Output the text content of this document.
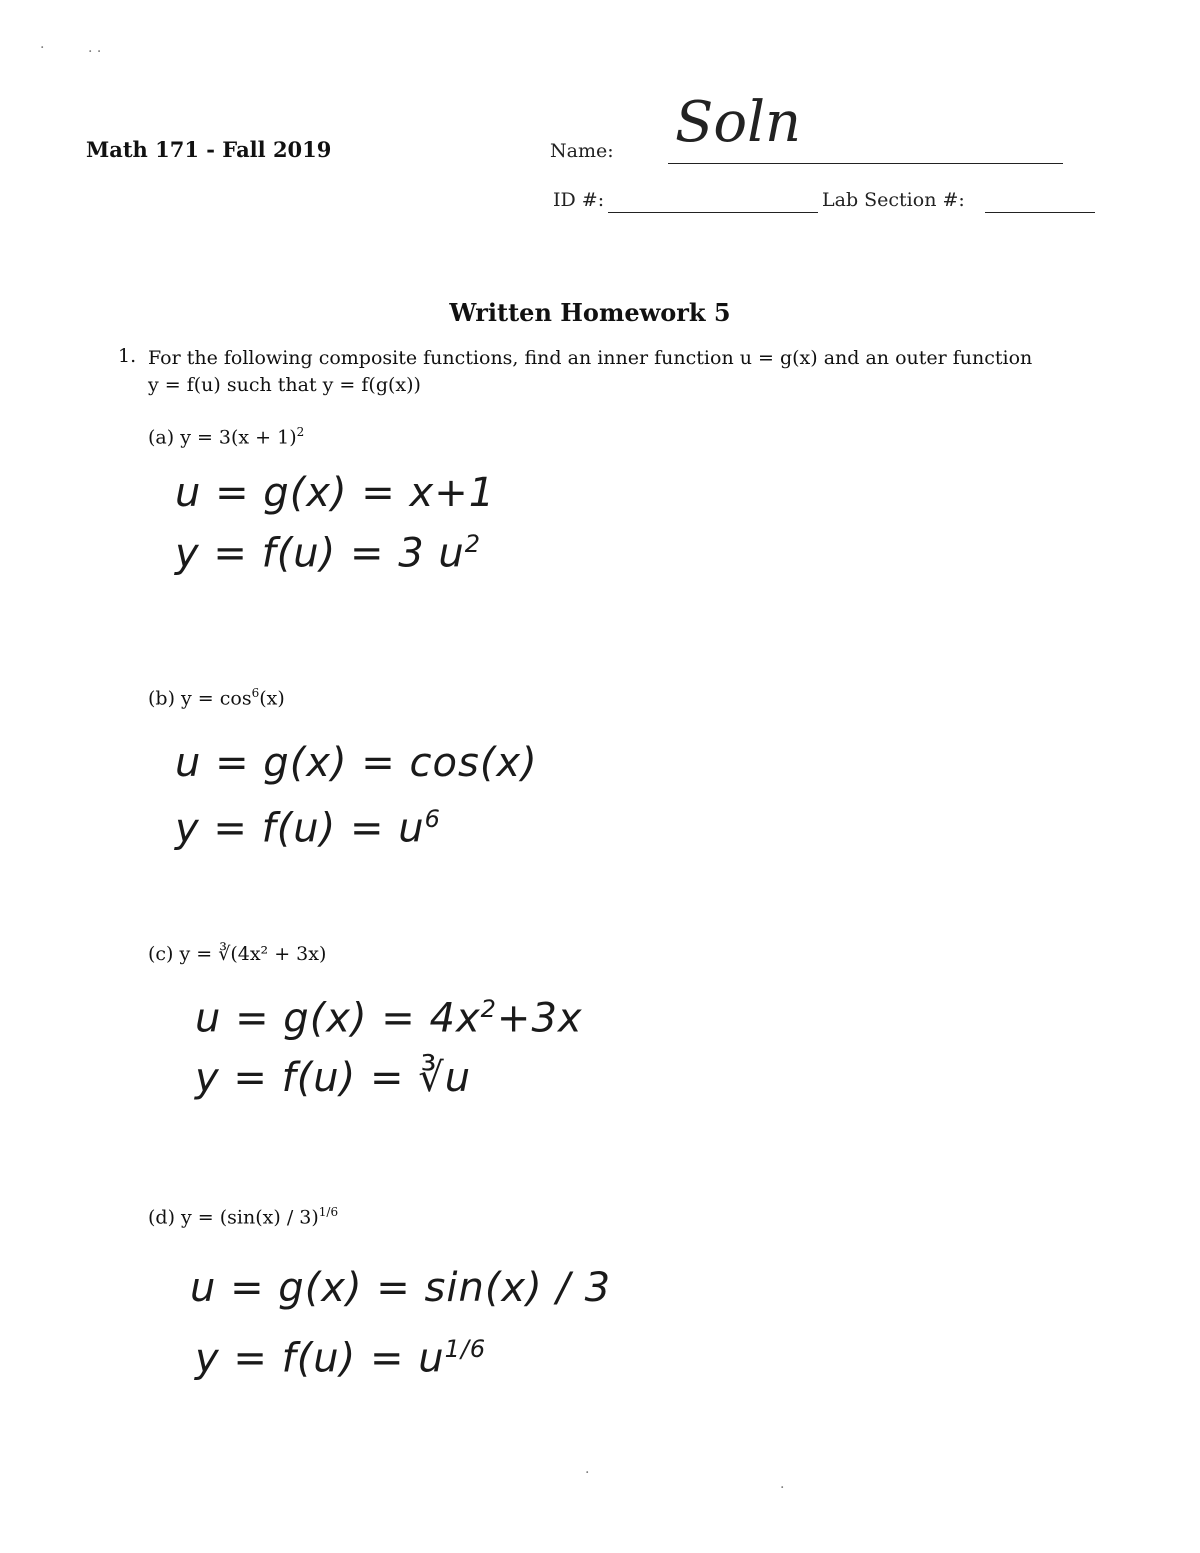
Math 171 - Fall 2019	Name: Soln
ID #:	Lab Section #:
Written Homework 5
1. For the following composite functions, find an inner function u = g(x) and an outer function
y = f(u) such that y = f(g(x))
(a) $y = 3(x + 1)^2$
u = g(x) = x+1
y = f(u) = 3 $u^2$
(b) $y = \cos^6(x)$
u = g(x) = cos(x)
$y = f(u) = u^6$
(c) y = ∛(4x² + 3x)
$u = g(x) = 4x^2+3x$
y = f(u) = ∛u
(d) y = (sin(x) / 3)$^{1/6}$
u = g(x) = sin(x) / 3
$y = f(u) = u^{1/6}$
·	· ·
·
·
